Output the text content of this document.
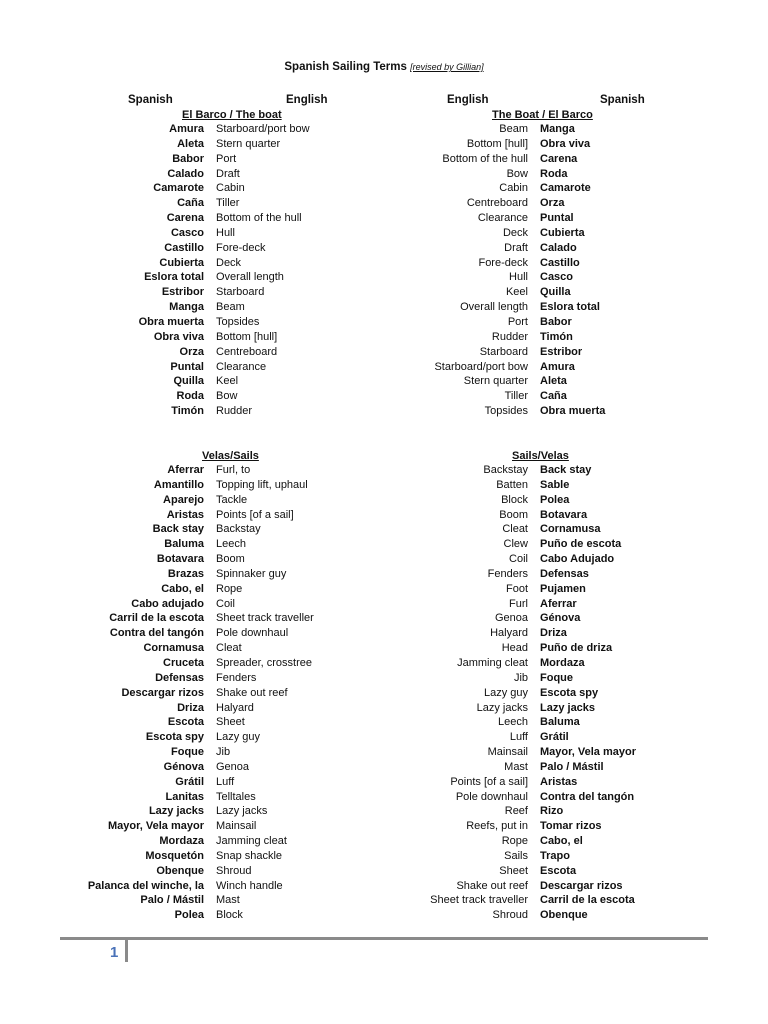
Spanish Sailing Terms [revised by Gillian]
Spanish	English	English	Spanish
El Barco / The boat	The Boat / El Barco
Amura	Starboard/port bow
Aleta	Stern quarter
Babor	Port
Calado	Draft
Camarote	Cabin
Caña	Tiller
Carena	Bottom of the hull
Casco	Hull
Castillo	Fore-deck
Cubierta	Deck
Eslora total	Overall length
Estribor	Starboard
Manga	Beam
Obra muerta	Topsides
Obra viva	Bottom [hull]
Orza	Centreboard
Puntal	Clearance
Quilla	Keel
Roda	Bow
Timón	Rudder
Beam	Manga
Bottom [hull]	Obra viva
Bottom of the hull	Carena
Bow	Roda
Cabin	Camarote
Centreboard	Orza
Clearance	Puntal
Deck	Cubierta
Draft	Calado
Fore-deck	Castillo
Hull	Casco
Keel	Quilla
Overall length	Eslora total
Port	Babor
Rudder	Timón
Starboard	Estribor
Starboard/port bow	Amura
Stern quarter	Aleta
Tiller	Caña
Topsides	Obra muerta
Velas/Sails	Sails/Velas
Aferrar	Furl, to
Amantillo	Topping lift, uphaul
Aparejo	Tackle
Aristas	Points [of a sail]
Back stay	Backstay
Baluma	Leech
Botavara	Boom
Brazas	Spinnaker guy
Cabo, el	Rope
Cabo adujado	Coil
Carril de la escota	Sheet track traveller
Contra del tangón	Pole downhaul
Cornamusa	Cleat
Cruceta	Spreader, crosstree
Defensas	Fenders
Descargar rizos	Shake out reef
Driza	Halyard
Escota	Sheet
Escota spy	Lazy guy
Foque	Jib
Génova	Genoa
Grátil	Luff
Lanitas	Telltales
Lazy jacks	Lazy jacks
Mayor, Vela mayor	Mainsail
Mordaza	Jamming cleat
Mosquetón	Snap shackle
Obenque	Shroud
Palanca del winche, la	Winch handle
Palo / Mástil	Mast
Polea	Block
Backstay	Back stay
Batten	Sable
Block	Polea
Boom	Botavara
Cleat	Cornamusa
Clew	Puño de escota
Coil	Cabo Adujado
Fenders	Defensas
Foot	Pujamen
Furl	Aferrar
Genoa	Génova
Halyard	Driza
Head	Puño de driza
Jamming cleat	Mordaza
Jib	Foque
Lazy guy	Escota spy
Lazy jacks	Lazy jacks
Leech	Baluma
Luff	Grátil
Mainsail	Mayor, Vela mayor
Mast	Palo / Mástil
Points [of a sail]	Aristas
Pole downhaul	Contra del tangón
Reef	Rizo
Reefs, put in	Tomar rizos
Rope	Cabo, el
Sails	Trapo
Sheet	Escota
Shake out reef	Descargar rizos
Sheet track traveller	Carril de la escota
Shroud	Obenque
1
